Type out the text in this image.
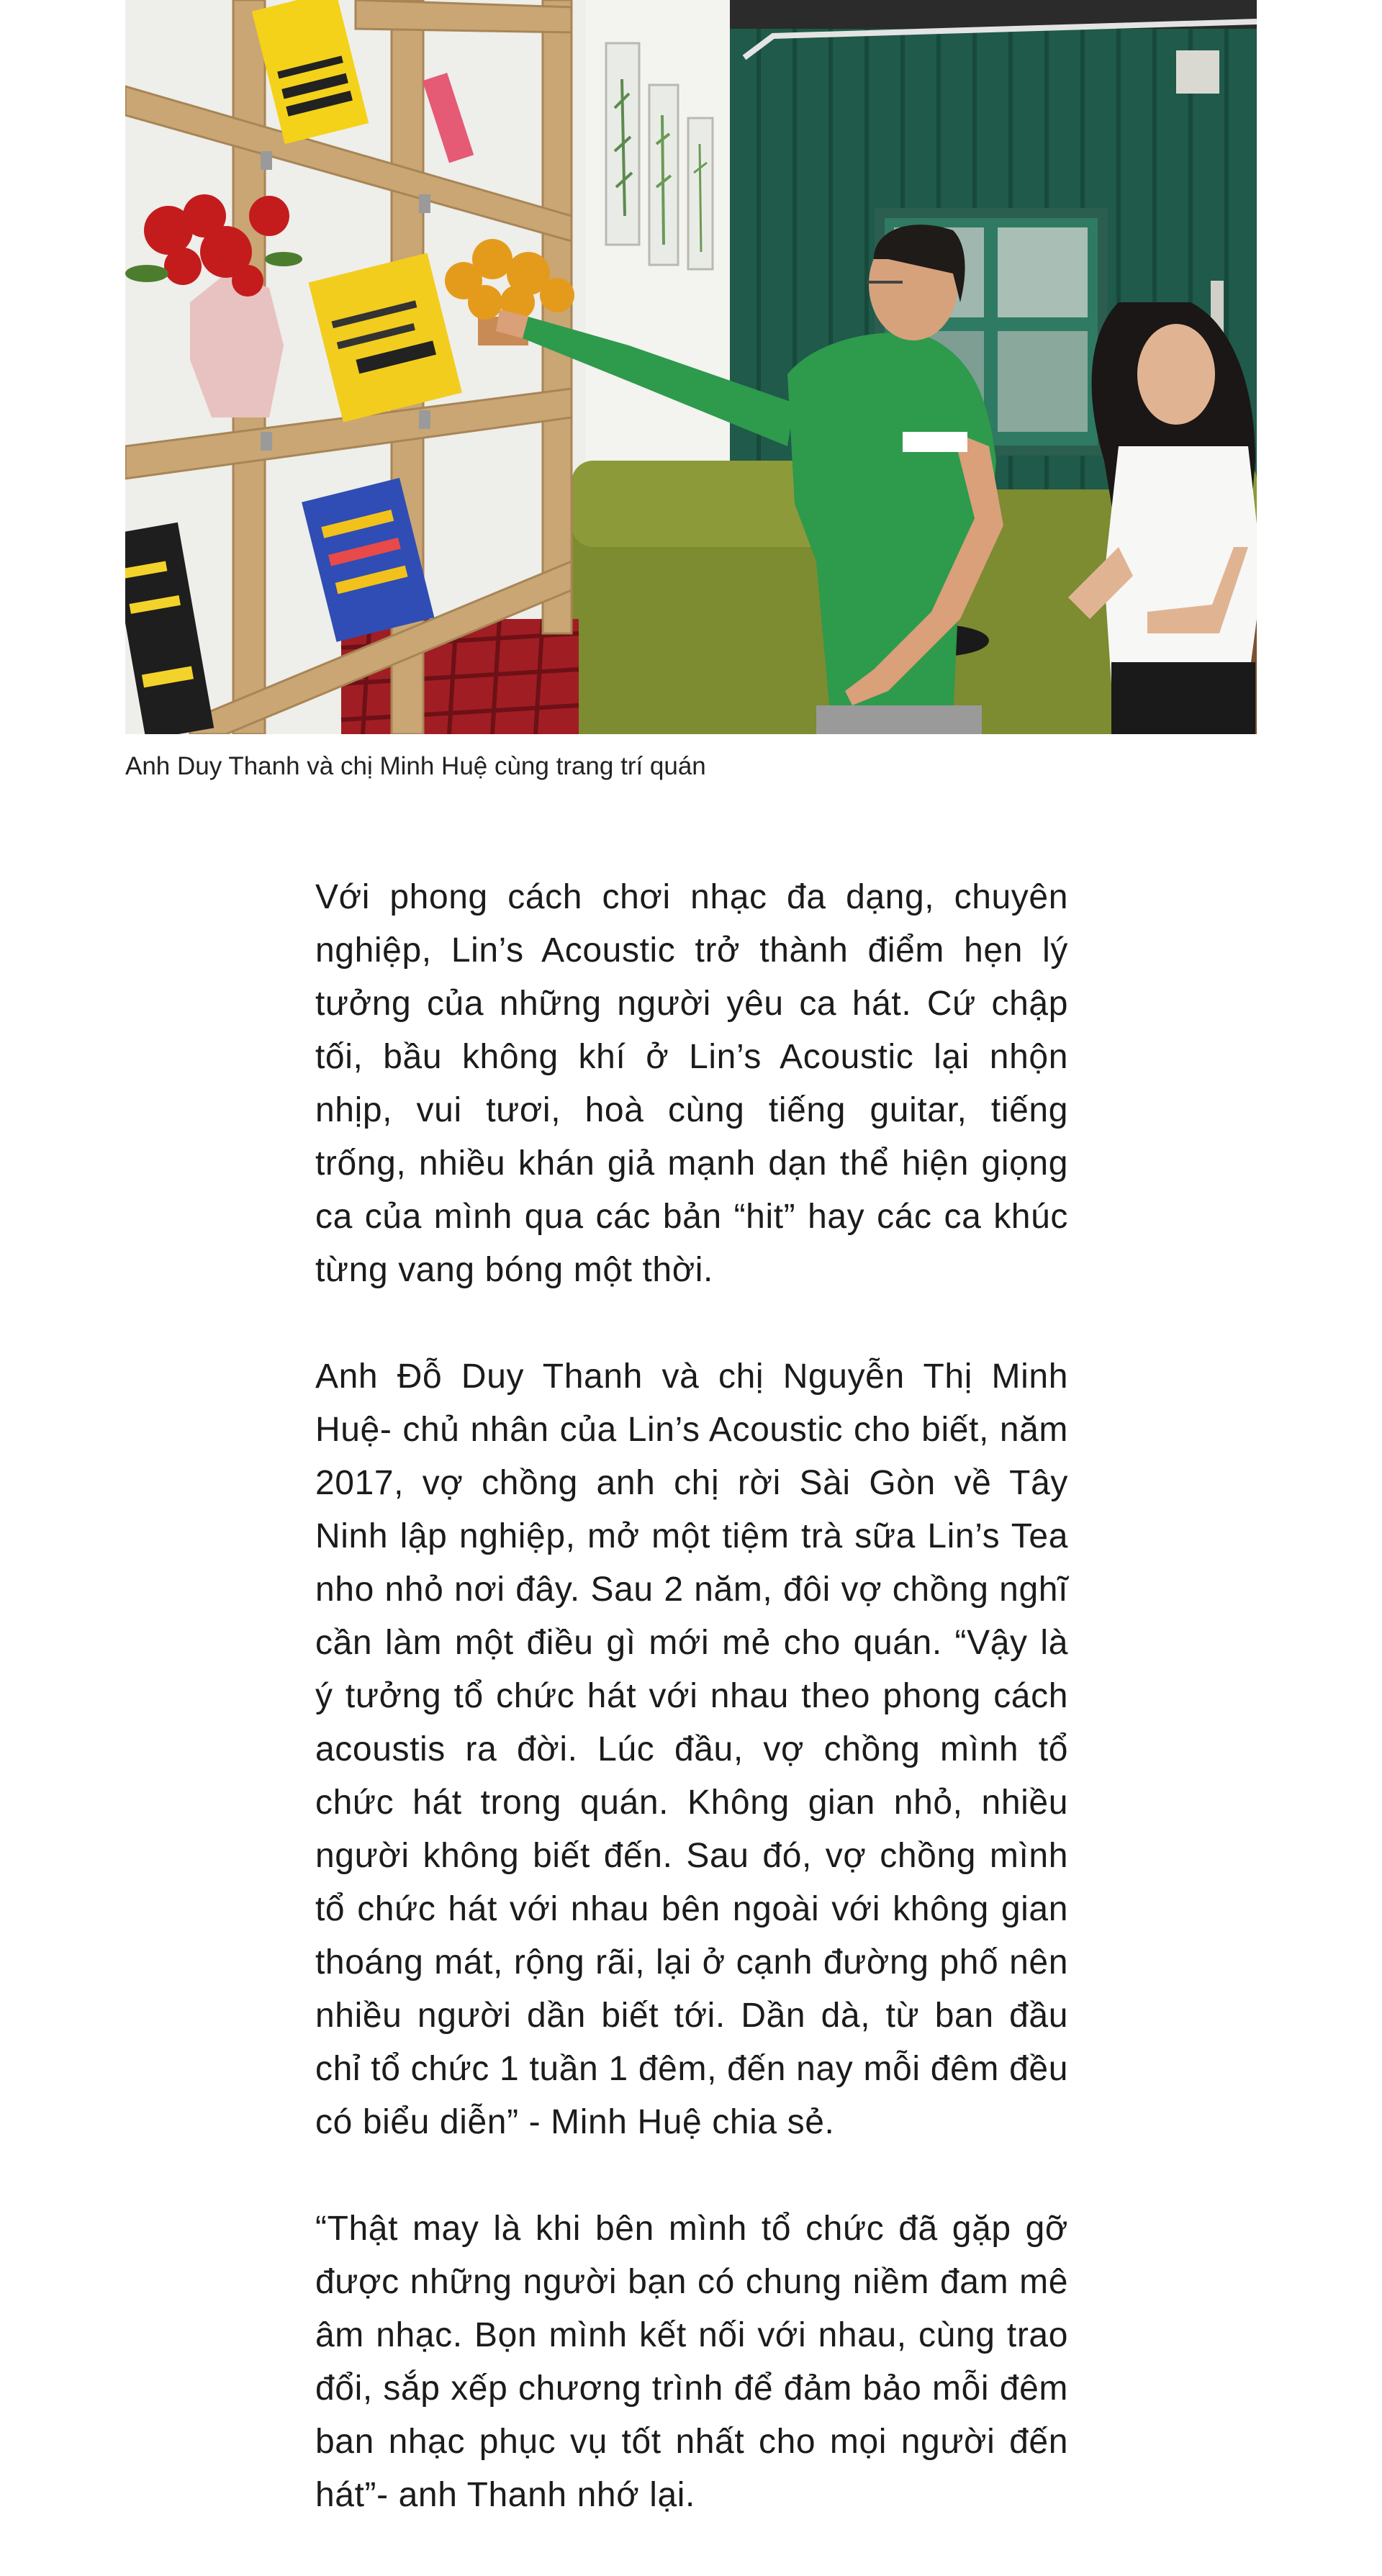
Anh Duy Thanh và chị Minh Huệ cùng trang trí quán

Với phong cách chơi nhạc đa dạng, chuyên nghiệp, Lin’s Acoustic trở thành điểm hẹn lý tưởng của những người yêu ca hát. Cứ chập tối, bầu không khí ở Lin’s Acoustic lại nhộn nhịp, vui tươi, hoà cùng tiếng guitar, tiếng trống, nhiều khán giả mạnh dạn thể hiện giọng ca của mình qua các bản “hit” hay các ca khúc từng vang bóng một thời.

Anh Đỗ Duy Thanh và chị Nguyễn Thị Minh Huệ- chủ nhân của Lin’s Acoustic cho biết, năm 2017, vợ chồng anh chị rời Sài Gòn về Tây Ninh lập nghiệp, mở một tiệm trà sữa Lin’s Tea nho nhỏ nơi đây. Sau 2 năm, đôi vợ chồng nghĩ cần làm một điều gì mới mẻ cho quán. “Vậy là ý tưởng tổ chức hát với nhau theo phong cách acoustis ra đời. Lúc đầu, vợ chồng mình tổ chức hát trong quán. Không gian nhỏ, nhiều người không biết đến. Sau đó, vợ chồng mình tổ chức hát với nhau bên ngoài với không gian thoáng mát, rộng rãi, lại ở cạnh đường phố nên nhiều người dần biết tới. Dần dà, từ ban đầu chỉ tổ chức 1 tuần 1 đêm, đến nay mỗi đêm đều có biểu diễn” - Minh Huệ chia sẻ.

“Thật may là khi bên mình tổ chức đã gặp gỡ được những người bạn có chung niềm đam mê âm nhạc. Bọn mình kết nối với nhau, cùng trao đổi, sắp xếp chương trình để đảm bảo mỗi đêm ban nhạc phục vụ tốt nhất cho mọi người đến hát”- anh Thanh nhớ lại.
